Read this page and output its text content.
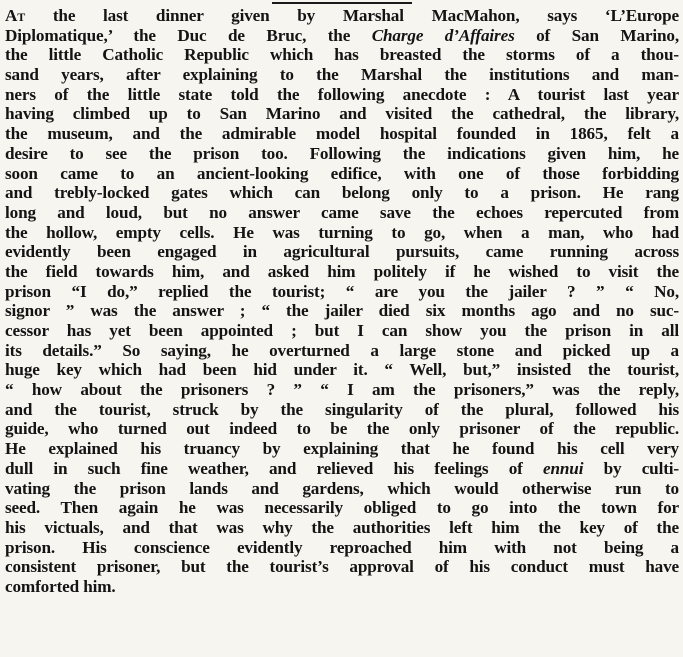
Aт the last dinner given by Marshal MacMahon, says ‘L’Europe
Diplomatique,’ the Duc de Bruc, the Charge d’Affaires of San Marino,
the little Catholic Republic which has breasted the storms of a thou-
sand years, after explaining to the Marshal the institutions and man-
ners of the little state told the following anecdote : A tourist last year
having climbed up to San Marino and visited the cathedral, the library,
the museum, and the admirable model hospital founded in 1865, felt a
desire to see the prison too. Following the indications given him, he
soon came to an ancient-looking edifice, with one of those forbidding
and trebly-locked gates which can belong only to a prison. He rang
long and loud, but no answer came save the echoes repercuted from
the hollow, empty cells. He was turning to go, when a man, who had
evidently been engaged in agricultural pursuits, came running across
the field towards him, and asked him politely if he wished to visit the
prison “I do,” replied the tourist; “ are you the jailer ? ” “ No,
signor ” was the answer ; “ the jailer died six months ago and no suc-
cessor has yet been appointed ; but I can show you the prison in all
its details.” So saying, he overturned a large stone and picked up a
huge key which had been hid under it. “ Well, but,” insisted the tourist,
“ how about the prisoners ? ” “ I am the prisoners,” was the reply,
and the tourist, struck by the singularity of the plural, followed his
guide, who turned out indeed to be the only prisoner of the republic.
He explained his truancy by explaining that he found his cell very
dull in such fine weather, and relieved his feelings of ennui by culti-
vating the prison lands and gardens, which would otherwise run to
seed. Then again he was necessarily obliged to go into the town for
his victuals, and that was why the authorities left him the key of the
prison. His conscience evidently reproached him with not being a
consistent prisoner, but the tourist’s approval of his conduct must have
comforted him.
